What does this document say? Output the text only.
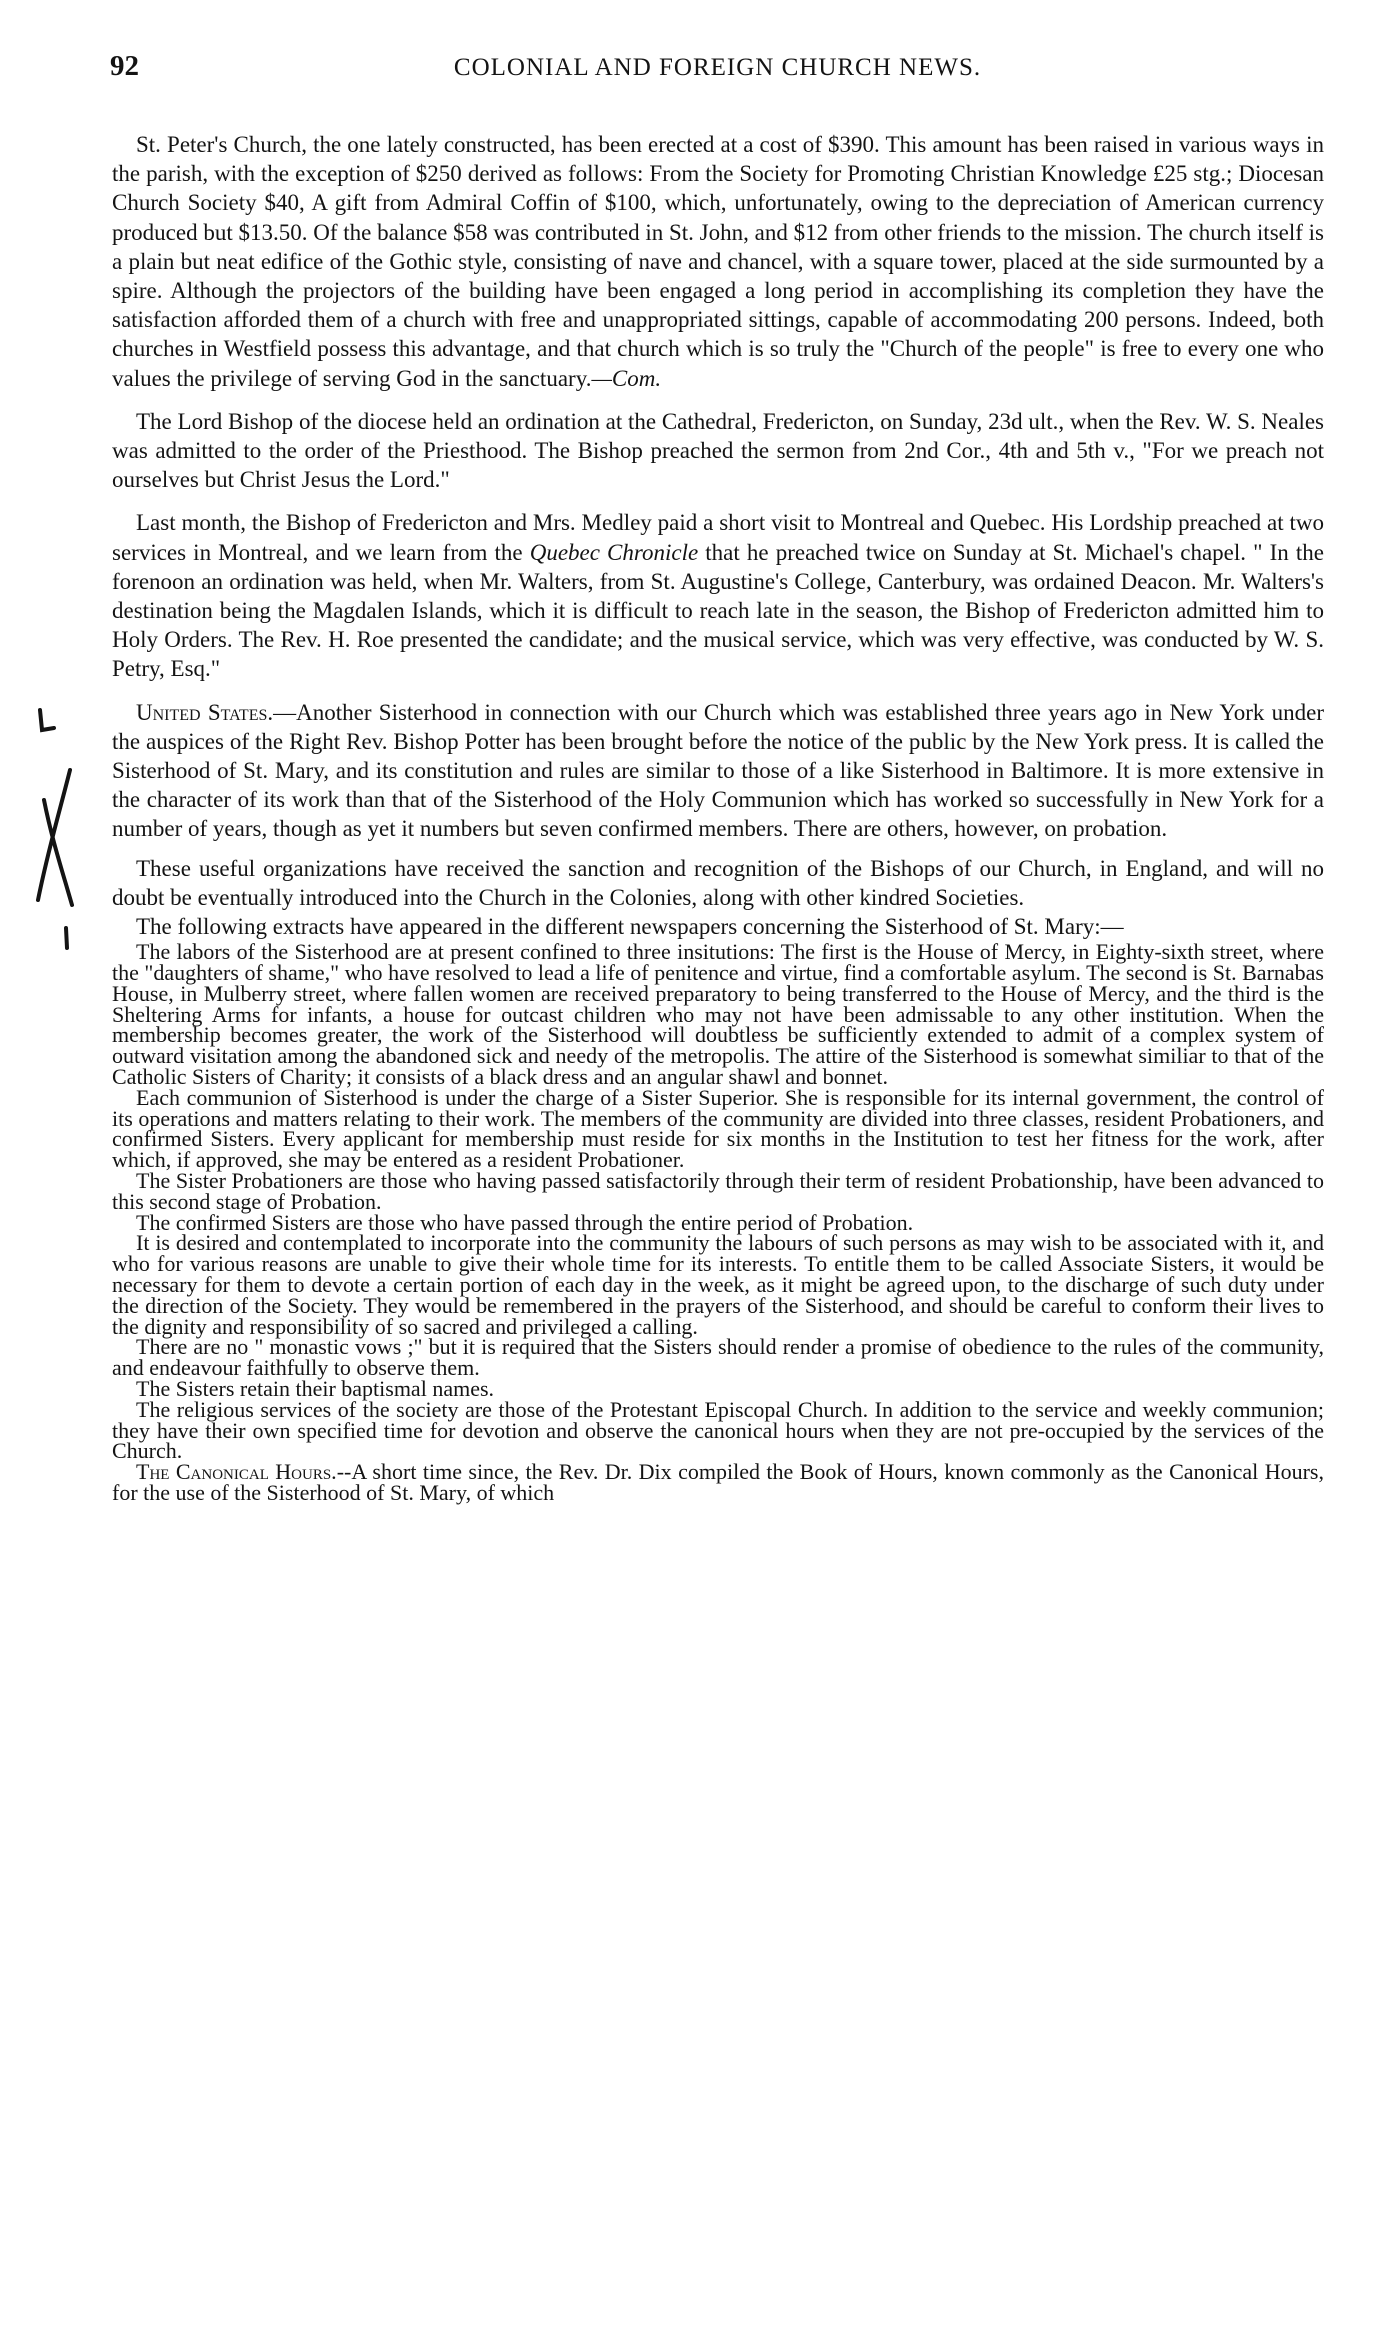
92	COLONIAL AND FOREIGN CHURCH NEWS.

St. Peter's Church, the one lately constructed, has been erected at a cost of $390. This amount has been raised in various ways in the parish, with the exception of $250 derived as follows: From the Society for Promoting Christian Knowledge £25 stg.; Diocesan Church Society $40, A gift from Admiral Coffin of $100, which, unfortunately, owing to the depreciation of American currency produced but $13.50. Of the balance $58 was contributed in St. John, and $12 from other friends to the mission. The church itself is a plain but neat edifice of the Gothic style, consisting of nave and chancel, with a square tower, placed at the side surmounted by a spire. Although the projectors of the building have been engaged a long period in accomplishing its completion they have the satisfaction afforded them of a church with free and unappropriated sittings, capable of accommodating 200 persons. Indeed, both churches in Westfield possess this advantage, and that church which is so truly the "Church of the people" is free to every one who values the privilege of serving God in the sanctuary.—Com.

The Lord Bishop of the diocese held an ordination at the Cathedral, Fredericton, on Sunday, 23d ult., when the Rev. W. S. Neales was admitted to the order of the Priesthood. The Bishop preached the sermon from 2nd Cor., 4th and 5th v., "For we preach not ourselves but Christ Jesus the Lord."

Last month, the Bishop of Fredericton and Mrs. Medley paid a short visit to Montreal and Quebec. His Lordship preached at two services in Montreal, and we learn from the Quebec Chronicle that he preached twice on Sunday at St. Michael's chapel. " In the forenoon an ordination was held, when Mr. Walters, from St. Augustine's College, Canterbury, was ordained Deacon. Mr. Walters's destination being the Magdalen Islands, which it is difficult to reach late in the season, the Bishop of Fredericton admitted him to Holy Orders. The Rev. H. Roe presented the candidate; and the musical service, which was very effective, was conducted by W. S. Petry, Esq."

United States.—Another Sisterhood in connection with our Church which was established three years ago in New York under the auspices of the Right Rev. Bishop Potter has been brought before the notice of the public by the New York press. It is called the Sisterhood of St. Mary, and its constitution and rules are similar to those of a like Sisterhood in Baltimore. It is more extensive in the character of its work than that of the Sisterhood of the Holy Communion which has worked so successfully in New York for a number of years, though as yet it numbers but seven confirmed members. There are others, however, on probation.

These useful organizations have received the sanction and recognition of the Bishops of our Church, in England, and will no doubt be eventually introduced into the Church in the Colonies, along with other kindred Societies.

The following extracts have appeared in the different newspapers concerning the Sisterhood of St. Mary:—

The labors of the Sisterhood are at present confined to three insitutions: The first is the House of Mercy, in Eighty-sixth street, where the "daughters of shame," who have resolved to lead a life of penitence and virtue, find a comfortable asylum. The second is St. Barnabas House, in Mulberry street, where fallen women are received preparatory to being transferred to the House of Mercy, and the third is the Sheltering Arms for infants, a house for outcast children who may not have been admissable to any other institution. When the membership becomes greater, the work of the Sisterhood will doubtless be sufficiently extended to admit of a complex system of outward visitation among the abandoned sick and needy of the metropolis. The attire of the Sisterhood is somewhat similiar to that of the Catholic Sisters of Charity; it consists of a black dress and an angular shawl and bonnet.

Each communion of Sisterhood is under the charge of a Sister Superior. She is responsible for its internal government, the control of its operations and matters relating to their work. The members of the community are divided into three classes, resident Probationers, and confirmed Sisters. Every applicant for membership must reside for six months in the Institution to test her fitness for the work, after which, if approved, she may be entered as a resident Probationer.

The Sister Probationers are those who having passed satisfactorily through their term of resident Probationship, have been advanced to this second stage of Probation.

The confirmed Sisters are those who have passed through the entire period of Probation.

It is desired and contemplated to incorporate into the community the labours of such persons as may wish to be associated with it, and who for various reasons are unable to give their whole time for its interests. To entitle them to be called Associate Sisters, it would be necessary for them to devote a certain portion of each day in the week, as it might be agreed upon, to the discharge of such duty under the direction of the Society. They would be remembered in the prayers of the Sisterhood, and should be careful to conform their lives to the dignity and responsibility of so sacred and privileged a calling.

There are no " monastic vows ;" but it is required that the Sisters should render a promise of obedience to the rules of the community, and endeavour faithfully to observe them.

The Sisters retain their baptismal names.

The religious services of the society are those of the Protestant Episcopal Church. In addition to the service and weekly communion; they have their own specified time for devotion and observe the canonical hours when they are not pre-occupied by the services of the Church.

The Canonical Hours.--A short time since, the Rev. Dr. Dix compiled the Book of Hours, known commonly as the Canonical Hours, for the use of the Sisterhood of St. Mary, of which
